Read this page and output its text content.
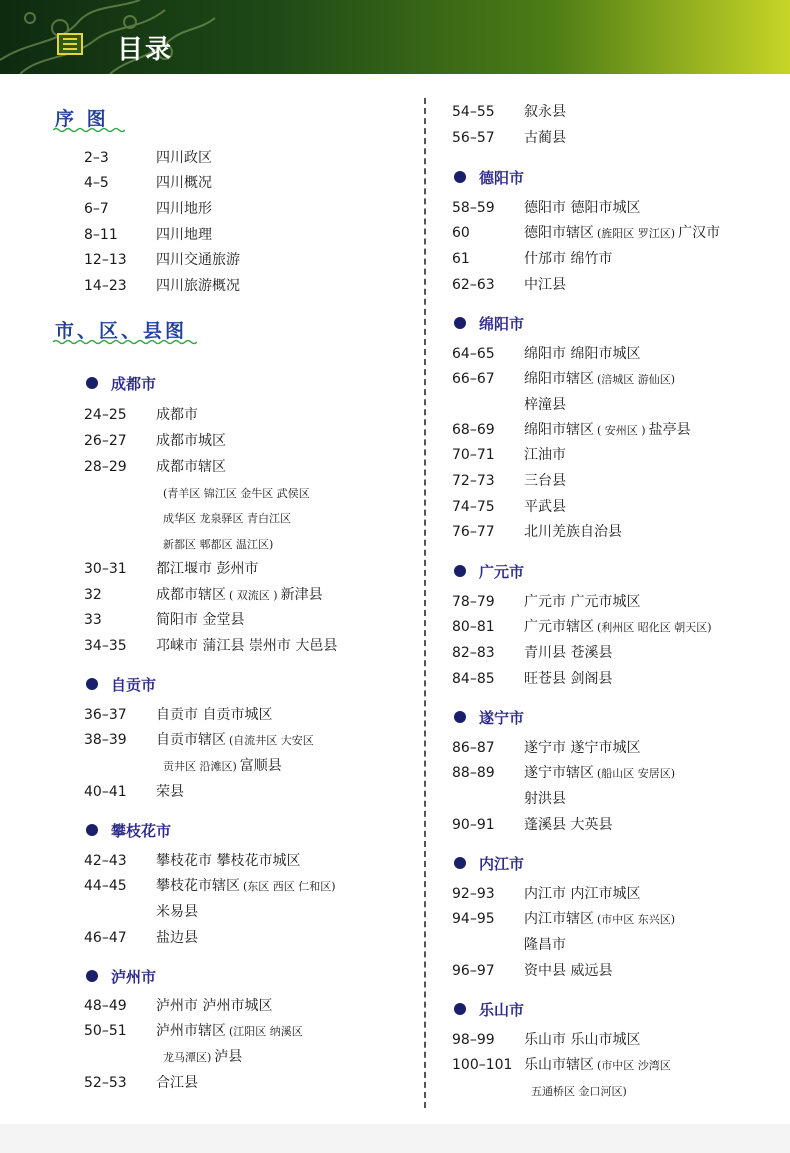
目录
序 图
市、区、县图
2–3	四川政区
4–5	四川概况
6–7	四川地形
8–11	四川地理
12–13 四川交通旅游
14–23 四川旅游概况
成都市
24–25 成都市
26–27 成都市城区
28–29 成都市辖区
(青羊区 锦江区 金牛区 武侯区
成华区 龙泉驿区 青白江区
新都区 郫都区 温江区)
30–31 都江堰市 彭州市
32	成都市辖区 ( 双流区 ) 新津县
33	简阳市 金堂县
34–35 邛崃市 蒲江县 崇州市 大邑县
自贡市
36–37 自贡市 自贡市城区
38–39 自贡市辖区 (自流井区 大安区
贡井区 沿滩区) 富顺县
40–41 荣县
攀枝花市
42–43 攀枝花市 攀枝花市城区
44–45 攀枝花市辖区 (东区 西区 仁和区)
米易县
46–47 盐边县
泸州市
48–49 泸州市 泸州市城区
50–51 泸州市辖区 (江阳区 纳溪区
龙马潭区) 泸县
52–53 合江县
54–55 叙永县
56–57 古蔺县
德阳市
58–59 德阳市 德阳市城区
60	德阳市辖区 (旌阳区 罗江区) 广汉市
61	什邡市 绵竹市
62–63 中江县
绵阳市
64–65 绵阳市 绵阳市城区
66–67 绵阳市辖区 (涪城区 游仙区)
梓潼县
68–69 绵阳市辖区 ( 安州区 ) 盐亭县
70–71 江油市
72–73 三台县
74–75 平武县
76–77 北川羌族自治县
广元市
78–79 广元市 广元市城区
80–81 广元市辖区 (利州区 昭化区 朝天区)
82–83 青川县 苍溪县
84–85 旺苍县 剑阁县
遂宁市
86–87 遂宁市 遂宁市城区
88–89 遂宁市辖区 (船山区 安居区)
射洪县
90–91 蓬溪县 大英县
内江市
92–93 内江市 内江市城区
94–95 内江市辖区 (市中区 东兴区)
隆昌市
96–97 资中县 威远县
乐山市
98–99 乐山市 乐山市城区
100–101 乐山市辖区 (市中区 沙湾区
五通桥区 金口河区)
